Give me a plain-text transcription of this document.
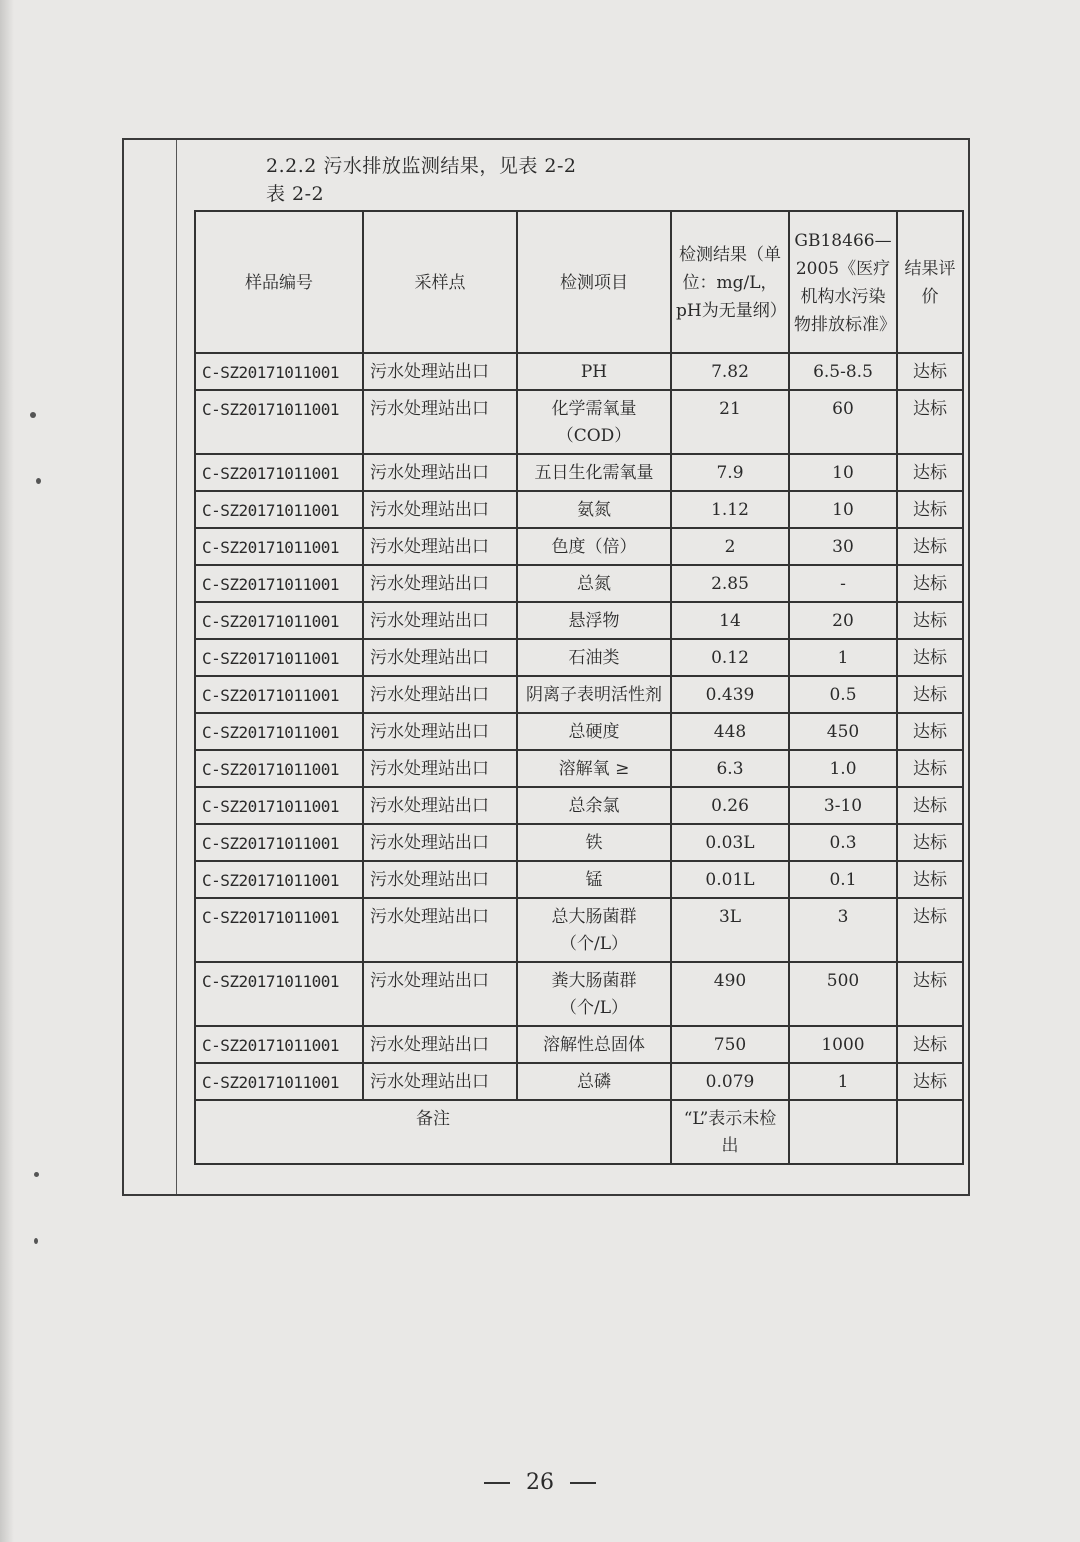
2.2.2 污水排放监测结果，见表 2-2
表 2-2
样品编号	采样点	检测项目	检测结果（单位：mg/L，pH为无量纲）	GB18466—2005《医疗机构水污染物排放标准》	结果评价
C-SZ20171011001	污水处理站出口	PH	7.82	6.5-8.5	达标
C-SZ20171011001	污水处理站出口	化学需氧量（COD）	21	60	达标
C-SZ20171011001	污水处理站出口	五日生化需氧量	7.9	10	达标
C-SZ20171011001	污水处理站出口	氨氮	1.12	10	达标
C-SZ20171011001	污水处理站出口	色度（倍）	2	30	达标
C-SZ20171011001	污水处理站出口	总氮	2.85	-	达标
C-SZ20171011001	污水处理站出口	悬浮物	14	20	达标
C-SZ20171011001	污水处理站出口	石油类	0.12	1	达标
C-SZ20171011001	污水处理站出口	阴离子表明活性剂	0.439	0.5	达标
C-SZ20171011001	污水处理站出口	总硬度	448	450	达标
C-SZ20171011001	污水处理站出口	溶解氧 ≥	6.3	1.0	达标
C-SZ20171011001	污水处理站出口	总余氯	0.26	3-10	达标
C-SZ20171011001	污水处理站出口	铁	0.03L	0.3	达标
C-SZ20171011001	污水处理站出口	锰	0.01L	0.1	达标
C-SZ20171011001	污水处理站出口	总大肠菌群（个/L）	3L	3	达标
C-SZ20171011001	污水处理站出口	粪大肠菌群（个/L）	490	500	达标
C-SZ20171011001	污水处理站出口	溶解性总固体	750	1000	达标
C-SZ20171011001	污水处理站出口	总磷	0.079	1	达标
备注			“L”表示未检出		
26
